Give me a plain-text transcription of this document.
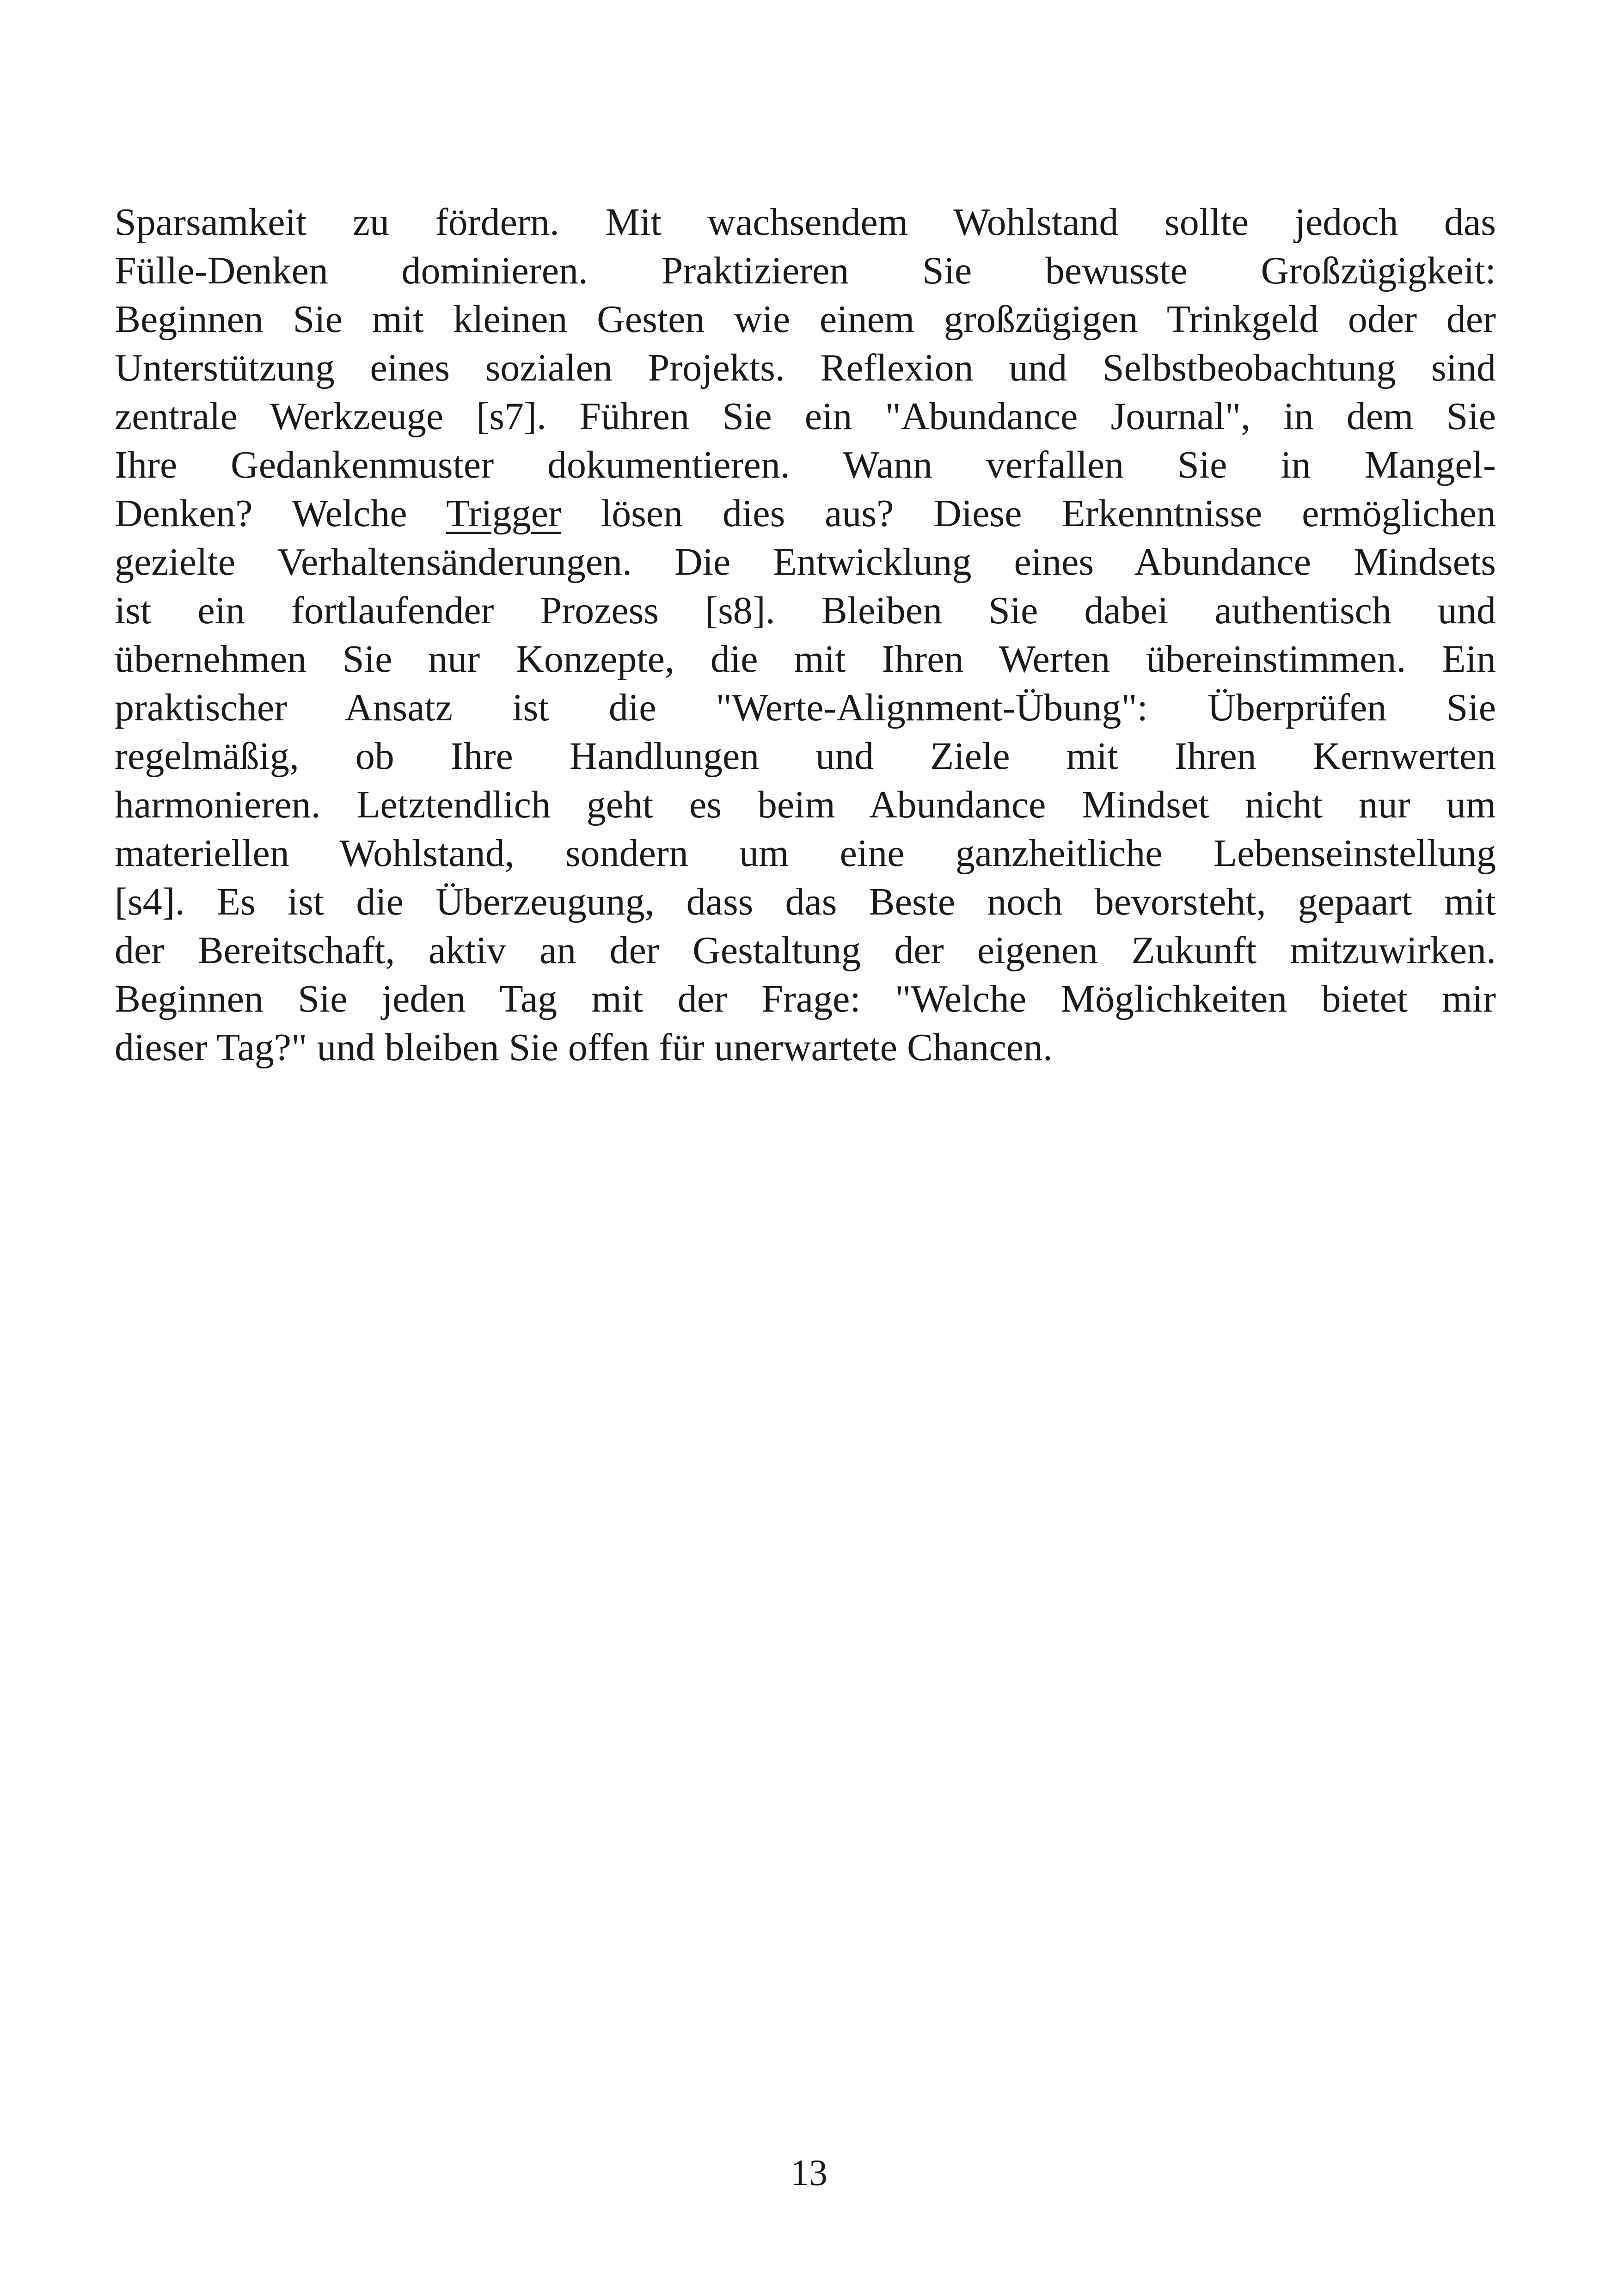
Sparsamkeit zu fördern. Mit wachsendem Wohlstand sollte jedoch das
Fülle-Denken dominieren. Praktizieren Sie bewusste Großzügigkeit:
Beginnen Sie mit kleinen Gesten wie einem großzügigen Trinkgeld oder der
Unterstützung eines sozialen Projekts. Reflexion und Selbstbeobachtung sind
zentrale Werkzeuge [s7]. Führen Sie ein "Abundance Journal", in dem Sie
Ihre Gedankenmuster dokumentieren. Wann verfallen Sie in Mangel-
Denken? Welche Trigger lösen dies aus? Diese Erkenntnisse ermöglichen
gezielte Verhaltensänderungen. Die Entwicklung eines Abundance Mindsets
ist ein fortlaufender Prozess [s8]. Bleiben Sie dabei authentisch und
übernehmen Sie nur Konzepte, die mit Ihren Werten übereinstimmen. Ein
praktischer Ansatz ist die "Werte-Alignment-Übung": Überprüfen Sie
regelmäßig, ob Ihre Handlungen und Ziele mit Ihren Kernwerten
harmonieren. Letztendlich geht es beim Abundance Mindset nicht nur um
materiellen Wohlstand, sondern um eine ganzheitliche Lebenseinstellung
[s4]. Es ist die Überzeugung, dass das Beste noch bevorsteht, gepaart mit
der Bereitschaft, aktiv an der Gestaltung der eigenen Zukunft mitzuwirken.
Beginnen Sie jeden Tag mit der Frage: "Welche Möglichkeiten bietet mir
dieser Tag?" und bleiben Sie offen für unerwartete Chancen.

13
